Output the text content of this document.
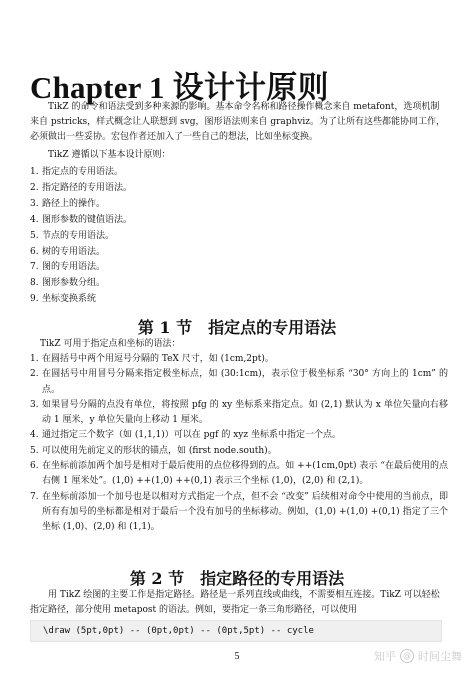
Chapter 1 设计计原则

TikZ 的命令和语法受到多种来源的影响。基本命令名称和路径操作概念来自 metafont，选项机制来自 pstricks，样式概念让人联想到 svg，图形语法则来自 graphviz。为了让所有这些都能协同工作，必须做出一些妥协。宏包作者还加入了一些自己的想法，比如坐标变换。

TikZ 遵循以下基本设计原则：

1. 指定点的专用语法。
2. 指定路径的专用语法。
3. 路径上的操作。
4. 图形参数的键值语法。
5. 节点的专用语法。
6. 树的专用语法。
7. 图的专用语法。
8. 图形参数分组。
9. 坐标变换系统
第 1 节　指定点的专用语法

TikZ 可用于指定点和坐标的语法：

1. 在圆括号中两个用逗号分隔的 TeX 尺寸，如 (1cm,2pt)。
2. 在圆括号中用冒号分隔来指定极坐标点，如 (30:1cm)，表示位于极坐标系 “30° 方向上的 1cm” 的点。
3. 如果冒号分隔的点没有单位，将按照 pfg 的 xy 坐标系来指定点。如 (2,1) 默认为 x 单位矢量向右移动 1 厘米，y 单位矢量向上移动 1 厘米。
4. 通过指定三个数字（如 (1,1,1)）可以在 pgf 的 xyz 坐标系中指定一个点。
5. 可以使用先前定义的形状的锚点，如 (first node.south)。
6. 在坐标前添加两个加号是相对于最后使用的点位移得到的点。如 ++(1cm,0pt) 表示 “在最后使用的点右侧 1 厘米处”。(1,0) ++(1,0) ++(0,1) 表示三个坐标 (1,0)，(2,0) 和 (2,1)。
7. 在坐标前添加一个加号也是以相对方式指定一个点，但不会 “改变” 后续相对命令中使用的当前点，即所有有加号的坐标都是相对于最后一个没有加号的坐标移动。例如，(1,0) +(1,0) +(0,1) 指定了三个坐标 (1,0)、(2,0) 和 (1,1)。
第 2 节　指定路径的专用语法

用 TikZ 绘图的主要工作是指定路径。路径是一系列直线或曲线，不需要相互连接。TikZ 可以轻松指定路径，部分使用 metapost 的语法。例如，要指定一条三角形路径，可以使用

\draw (5pt,0pt) -- (0pt,0pt) -- (0pt,5pt) -- cycle
5	知乎 @ 时间尘舞
